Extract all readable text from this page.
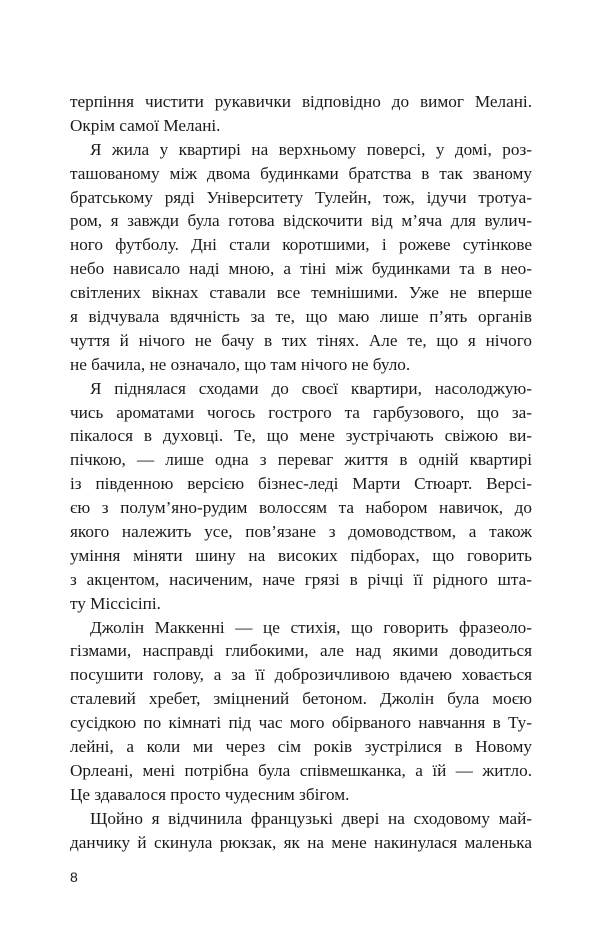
терпіння чистити рукавички відповідно до вимог Мелані.
Окрім самої Мелані.
Я жила у квартирі на верхньому поверсі, у домі, роз-
ташованому між двома будинками братства в так званому
братському ряді Університету Тулейн, тож, ідучи тротуа-
ром, я завжди була готова відскочити від м’яча для вулич-
ного футболу. Дні стали коротшими, і рожеве сутінкове
небо нависало наді мною, а тіні між будинками та в нео-
світлених вікнах ставали все темнішими. Уже не вперше
я відчувала вдячність за те, що маю лише п’ять органів
чуття й нічого не бачу в тих тінях. Але те, що я нічого
не бачила, не означало, що там нічого не було.
Я піднялася сходами до своєї квартири, насолоджую-
чись ароматами чогось гострого та гарбузового, що за-
пікалося в духовці. Те, що мене зустрічають свіжою ви-
пічкою, — лише одна з переваг життя в одній квартирі
із південною версією бізнес-леді Марти Стюарт. Версі-
єю з полум’яно-рудим волоссям та набором навичок, до
якого належить усе, пов’язане з домоводством, а також
уміння міняти шину на високих підборах, що говорить
з акцентом, насиченим, наче грязі в річці її рідного шта-
ту Міссісіпі.
Джолін Маккенні — це стихія, що говорить фразеоло-
гізмами, насправді глибокими, але над якими доводиться
посушити голову, а за її доброзичливою вдачею ховається
сталевий хребет, зміцнений бетоном. Джолін була моєю
сусідкою по кімнаті під час мого обірваного навчання в Ту-
лейні, а коли ми через сім років зустрілися в Новому
Орлеані, мені потрібна була співмешканка, а їй — житло.
Це здавалося просто чудесним збігом.
Щойно я відчинила французькі двері на сходовому май-
данчику й скинула рюкзак, як на мене накинулася маленька
8
